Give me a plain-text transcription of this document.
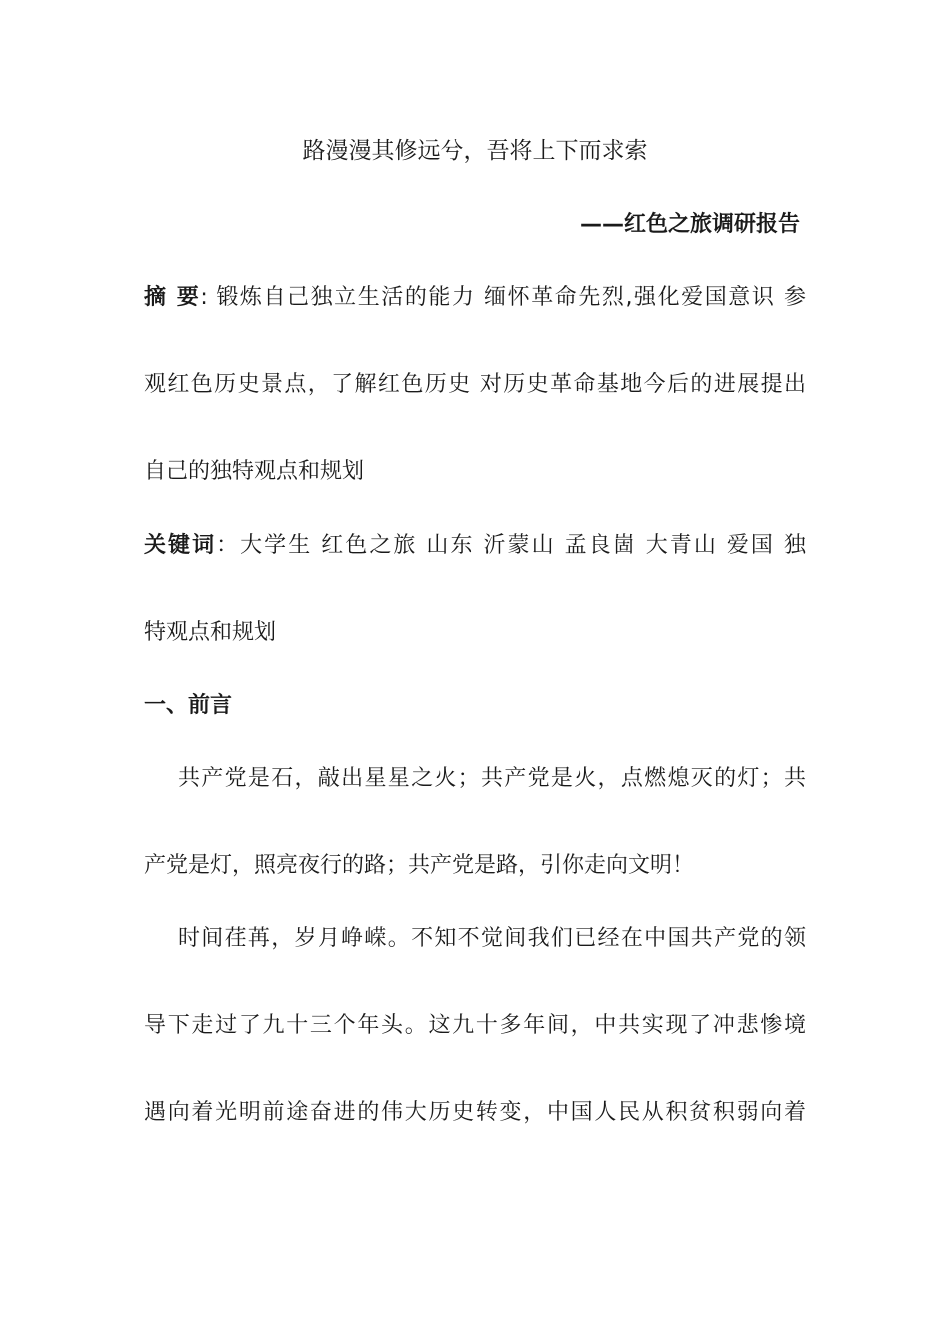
路漫漫其修远兮，吾将上下而求索
——红色之旅调研报告
摘 要: 锻炼自己独立生活的能力 缅怀革命先烈,强化爱国意识 参
观红色历史景点，了解红色历史 对历史革命基地今后的进展提出
自己的独特观点和规划
关键词：大学生 红色之旅 山东 沂蒙山 孟良崮 大青山 爱国 独
特观点和规划
一、前言
共产党是石，敲出星星之火；共产党是火，点燃熄灭的灯；共
产党是灯，照亮夜行的路；共产党是路，引你走向文明！
时间荏苒，岁月峥嵘。不知不觉间我们已经在中国共产党的领
导下走过了九十三个年头。这九十多年间，中共实现了冲悲惨境
遇向着光明前途奋进的伟大历史转变，中国人民从积贫积弱向着
